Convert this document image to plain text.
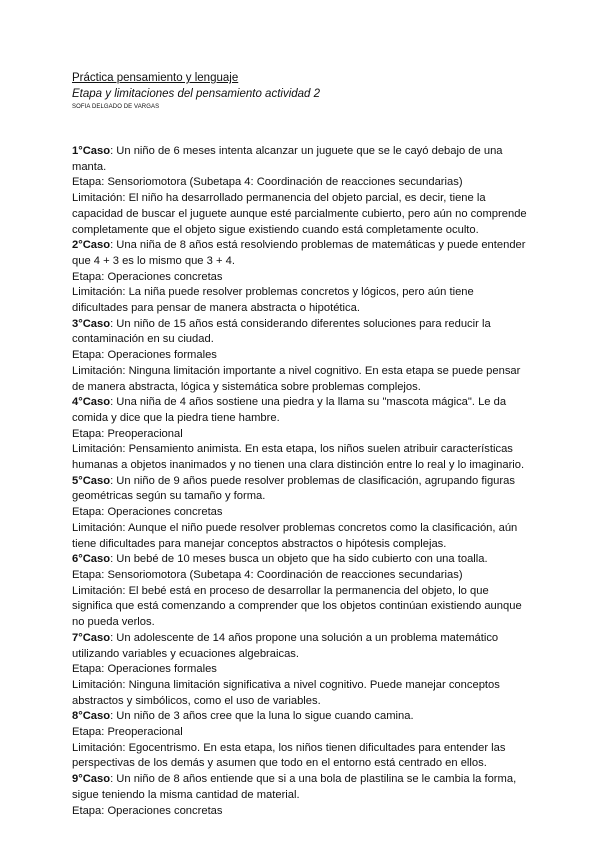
Práctica pensamiento y lenguaje
Etapa y limitaciones del pensamiento actividad 2
SOFIA DELGADO DE VARGAS

1°Caso: Un niño de 6 meses intenta alcanzar un juguete que se le cayó debajo de una manta.

Etapa: Sensoriomotora (Subetapa 4: Coordinación de reacciones secundarias)

Limitación: El niño ha desarrollado permanencia del objeto parcial, es decir, tiene la capacidad de buscar el juguete aunque esté parcialmente cubierto, pero aún no comprende completamente que el objeto sigue existiendo cuando está completamente oculto.

2°Caso: Una niña de 8 años está resolviendo problemas de matemáticas y puede entender que 4 + 3 es lo mismo que 3 + 4.

Etapa: Operaciones concretas

Limitación: La niña puede resolver problemas concretos y lógicos, pero aún tiene dificultades para pensar de manera abstracta o hipotética.

3°Caso: Un niño de 15 años está considerando diferentes soluciones para reducir la contaminación en su ciudad.

Etapa: Operaciones formales

Limitación: Ninguna limitación importante a nivel cognitivo. En esta etapa se puede pensar de manera abstracta, lógica y sistemática sobre problemas complejos.

4°Caso: Una niña de 4 años sostiene una piedra y la llama su "mascota mágica". Le da comida y dice que la piedra tiene hambre.

Etapa: Preoperacional

Limitación: Pensamiento animista. En esta etapa, los niños suelen atribuir características humanas a objetos inanimados y no tienen una clara distinción entre lo real y lo imaginario.

5°Caso: Un niño de 9 años puede resolver problemas de clasificación, agrupando figuras geométricas según su tamaño y forma.

Etapa: Operaciones concretas

Limitación: Aunque el niño puede resolver problemas concretos como la clasificación, aún tiene dificultades para manejar conceptos abstractos o hipótesis complejas.

6°Caso: Un bebé de 10 meses busca un objeto que ha sido cubierto con una toalla.

Etapa: Sensoriomotora (Subetapa 4: Coordinación de reacciones secundarias)

Limitación: El bebé está en proceso de desarrollar la permanencia del objeto, lo que significa que está comenzando a comprender que los objetos continúan existiendo aunque no pueda verlos.

7°Caso: Un adolescente de 14 años propone una solución a un problema matemático utilizando variables y ecuaciones algebraicas.

Etapa: Operaciones formales

Limitación: Ninguna limitación significativa a nivel cognitivo. Puede manejar conceptos abstractos y simbólicos, como el uso de variables.

8°Caso: Un niño de 3 años cree que la luna lo sigue cuando camina.

Etapa: Preoperacional

Limitación: Egocentrismo. En esta etapa, los niños tienen dificultades para entender las perspectivas de los demás y asumen que todo en el entorno está centrado en ellos.

9°Caso: Un niño de 8 años entiende que si a una bola de plastilina se le cambia la forma, sigue teniendo la misma cantidad de material.

Etapa: Operaciones concretas
